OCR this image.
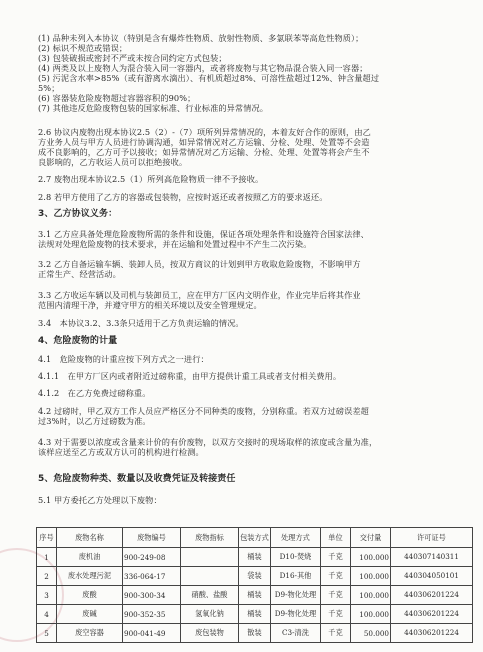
(1) 品种未列入本协议（特别是含有爆炸性物质、放射性物质、多氯联苯等高危性物质）；
(2) 标识不规范或错误；
(3) 包装破损或密封不严或未按合同约定方式包装；
(4) 两类及以上废物人为混合装入同一容器内，或者将废物与其它物品混合装入同一容器；
(5) 污泥含水率>85%（或有游离水滴出）、有机质超过8%、可溶性盐超过12%、钟含量超过
5%；
(6) 容器装危险废物超过容器容积的90%；
(7) 其他违反危险废物包装的国家标准、行业标准的异常情况。
2.6 协议内废物出现本协议2.5（2）-（7）项所列异常情况的，本着友好合作的原则，由乙
方业务人员与甲方人员进行协调沟通，如异常情况对乙方运输、分检、处理、处置等不会造
成不良影响的，乙方可予以接收；如异常情况对乙方运输、分检、处理、处置等将会产生不
良影响的，乙方收运人员可以拒绝接收。
2.7 废物出现本协议2.5（1）所列高危险物质一律不予接收。
2.8 若甲方使用了乙方的容器或包装物，应按时返还或者按照乙方的要求返还。
3、乙方协议义务：
3.1 乙方应具备处理危险废物所需的条件和设施，保证各项处理条件和设施符合国家法律、
法规对处理危险废物的技术要求，并在运输和处置过程中不产生二次污染。
3.2 乙方自备运输车辆、装卸人员，按双方商议的计划到甲方收取危险废物，不影响甲方
正常生产、经营活动。
3.3 乙方收运车辆以及司机与装卸员工，应在甲方厂区内文明作业，作业完毕后将其作业
范围内清理干净，并遵守甲方的相关环境以及安全管理规定。
3.4　本协议3.2、3.3条只适用于乙方负责运输的情况。
4、危险废物的计量
4.1　危险废物的计重应按下列方式之一进行：
4.1.1　在甲方厂区内或者附近过磅称重，由甲方提供计重工具或者支付相关费用。
4.1.2　在乙方免费过磅称重。
4.2 过磅时，甲乙双方工作人员应严格区分不同种类的废物，分别称重。若双方过磅误差超
过3%时，以乙方过磅数为准。
4.3 对于需要以浓度或含量来计价的有价废物，以双方交接时的现场取样的浓度或含量为准，
该样应送至乙方或双方认可的机构进行检测。
5、危险废物种类、数量以及收费凭证及转接责任
5.1 甲方委托乙方处理以下废物：
序号	废物名称	废物编号	废物指标	包装方式	处理方式	单位	交付量	许可证号
1	废机油	900-249-08		桶装	D10-焚烧	千克	100.000	440307140311
2	废水处理污泥	336-064-17		袋装	D16-其他	千克	100.000	440304050101
3	废酸	900-300-34	硝酸、盐酸	桶装	D9-物化处理	千克	100.000	440306201224
4	废碱	900-352-35	氢氧化钠	桶装	D9-物化处理	千克	100.000	440306201224
5	废空容器	900-041-49	废包装物	散装	C3-清洗	千克	50.000	440306201224
